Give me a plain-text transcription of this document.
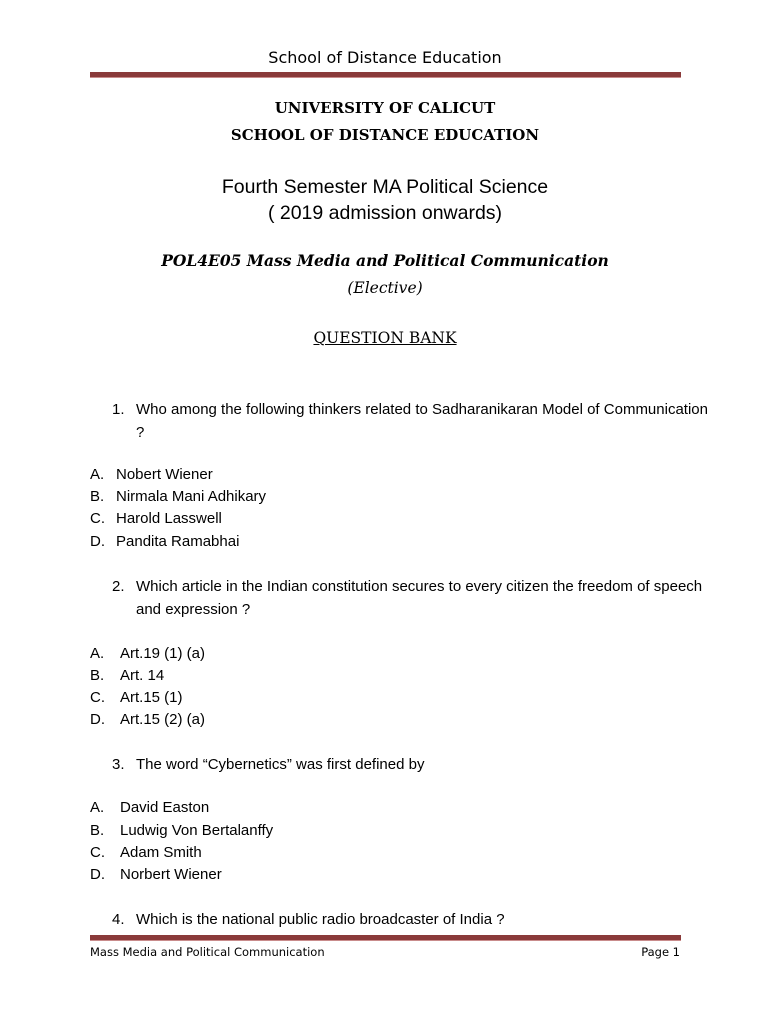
School of Distance Education
UNIVERSITY OF CALICUT
SCHOOL OF DISTANCE EDUCATION
Fourth Semester MA Political Science
( 2019 admission onwards)
POL4E05 Mass Media and Political Communication
(Elective)
QUESTION BANK
1. Who among the following thinkers related to Sadharanikaran Model of Communication ?
A. Nobert Wiener
B. Nirmala Mani Adhikary
C. Harold Lasswell
D. Pandita Ramabhai
2. Which article in the Indian constitution secures to every citizen the freedom of speech and expression ?
A. Art.19 (1) (a)
B. Art. 14
C. Art.15 (1)
D. Art.15 (2) (a)
3. The word “Cybernetics” was first defined by
A. David Easton
B. Ludwig Von Bertalanffy
C. Adam Smith
D. Norbert Wiener
4. Which is the national public radio broadcaster of India ?
Mass Media and Political Communication	Page 1
